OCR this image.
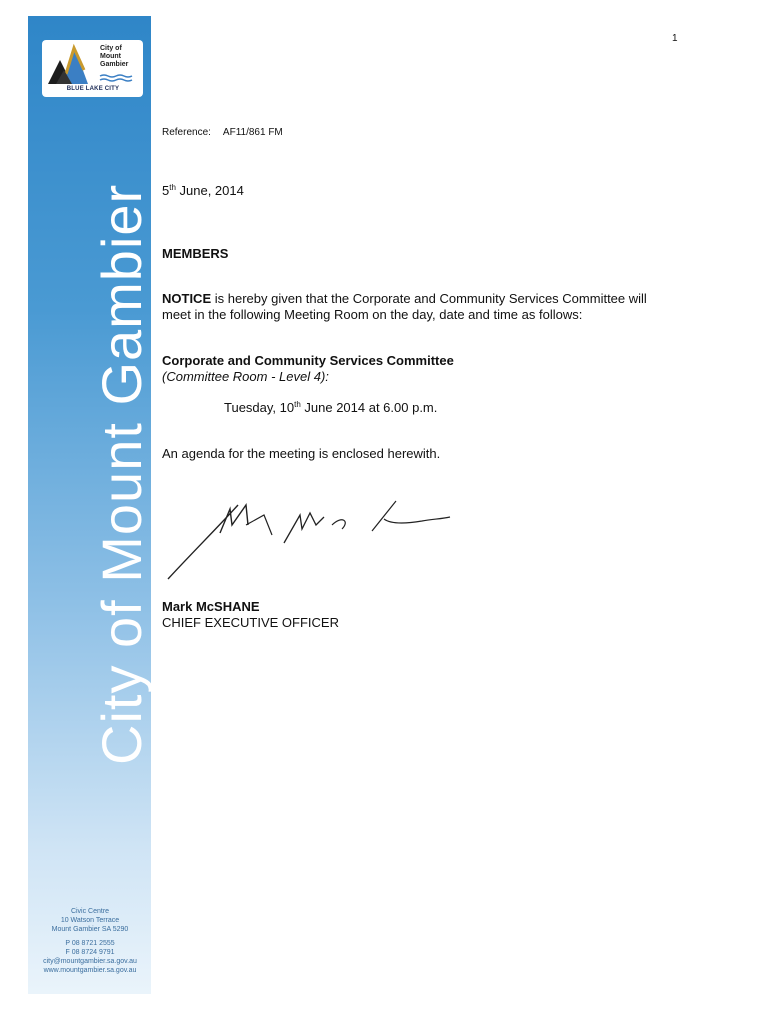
City of Mount Gambier
BLUE LAKE CITY
City of Mount Gambier
Civic Centre
10 Watson Terrace
Mount Gambier SA 5290
P 08 8721 2555
F 08 8724 9791
city@mountgambier.sa.gov.au
www.mountgambier.sa.gov.au
1
Reference: AF11/861 FM
5th June, 2014
MEMBERS
NOTICE is hereby given that the Corporate and Community Services Committee will
meet in the following Meeting Room on the day, date and time as follows:
Corporate and Community Services Committee
(Committee Room - Level 4):
Tuesday, 10th June 2014 at 6.00 p.m.
An agenda for the meeting is enclosed herewith.
Mark McSHANE
CHIEF EXECUTIVE OFFICER
